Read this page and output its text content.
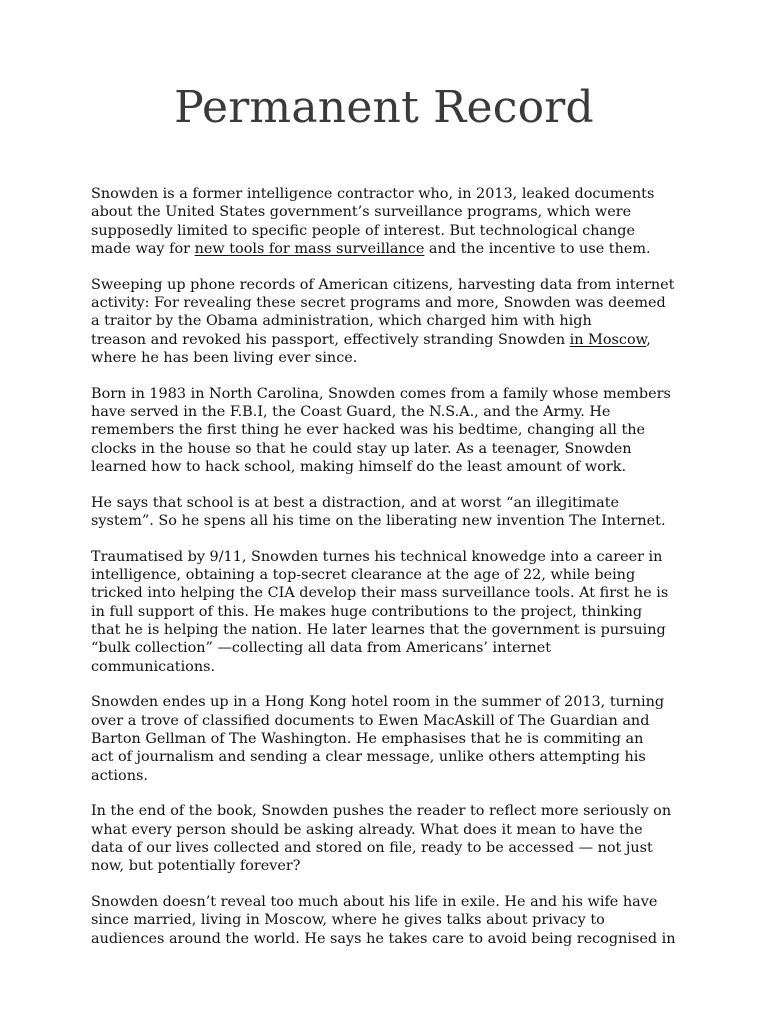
Permanent Record

Snowden is a former intelligence contractor who, in 2013, leaked documents
about the United States government’s surveillance programs, which were
supposedly limited to specific people of interest. But technological change
made way for new tools for mass surveillance and the incentive to use them.

Sweeping up phone records of American citizens, harvesting data from internet
activity: For revealing these secret programs and more, Snowden was deemed
a traitor by the Obama administration, which charged him with high
treason and revoked his passport, effectively stranding Snowden in Moscow,
where he has been living ever since.

Born in 1983 in North Carolina, Snowden comes from a family whose members
have served in the F.B.I, the Coast Guard, the N.S.A., and the Army. He
remembers the first thing he ever hacked was his bedtime, changing all the
clocks in the house so that he could stay up later. As a teenager, Snowden
learned how to hack school, making himself do the least amount of work.

He says that school is at best a distraction, and at worst “an illegitimate
system”. So he spens all his time on the liberating new invention The Internet.

Traumatised by 9/11, Snowden turnes his technical knowedge into a career in
intelligence, obtaining a top-secret clearance at the age of 22, while being
tricked into helping the CIA develop their mass surveillance tools. At first he is
in full support of this. He makes huge contributions to the project, thinking
that he is helping the nation. He later learnes that the government is pursuing
“bulk collection” —collecting all data from Americans’ internet
communications.

Snowden endes up in a Hong Kong hotel room in the summer of 2013, turning
over a trove of classified documents to Ewen MacAskill of The Guardian and
Barton Gellman of The Washington. He emphasises that he is commiting an
act of journalism and sending a clear message, unlike others attempting his
actions.

In the end of the book, Snowden pushes the reader to reflect more seriously on
what every person should be asking already. What does it mean to have the
data of our lives collected and stored on file, ready to be accessed — not just
now, but potentially forever?

Snowden doesn’t reveal too much about his life in exile. He and his wife have
since married, living in Moscow, where he gives talks about privacy to
audiences around the world. He says he takes care to avoid being recognised in
